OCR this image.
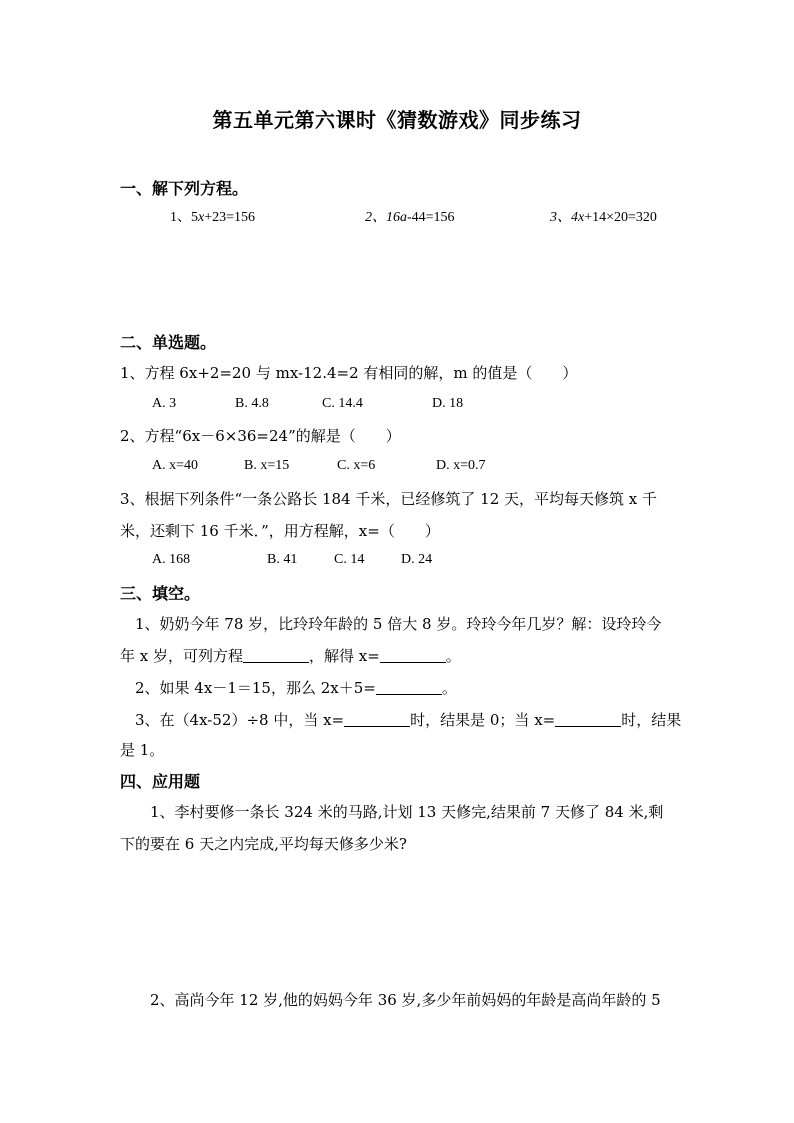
第五单元第六课时《猜数游戏》同步练习
一、解下列方程。
1、5x+23=156	2、16a-44=156	3、4x+14×20=320
二、单选题。
1、方程 6x+2=20 与 mx-12.4=2 有相同的解，m 的值是（　　）
A. 3	B. 4.8	C. 14.4	D. 18
2、方程“6x－6×36=24”的解是（　　）
A. x=40	B. x=15	C. x=6	D. x=0.7
3、根据下列条件“一条公路长 184 千米，已经修筑了 12 天，平均每天修筑 x 千
米，还剩下 16 千米．”，用方程解，x=（　　）
A. 168	B. 41	C. 14	D. 24
三、填空。
1、奶奶今年 78 岁，比玲玲年龄的 5 倍大 8 岁。玲玲今年几岁？解：设玲玲今
年 x 岁，可列方程	，解得 x=	。
2、如果 4x－1＝15，那么 2x＋5=	。
3、在（4x-52）÷8 中，当 x=	时，结果是 0；当 x=	时，结果
是 1。
四、应用题
1、李村要修一条长 324 米的马路,计划 13 天修完,结果前 7 天修了 84 米,剩
下的要在 6 天之内完成,平均每天修多少米?
2、高尚今年 12 岁,他的妈妈今年 36 岁,多少年前妈妈的年龄是高尚年龄的 5
